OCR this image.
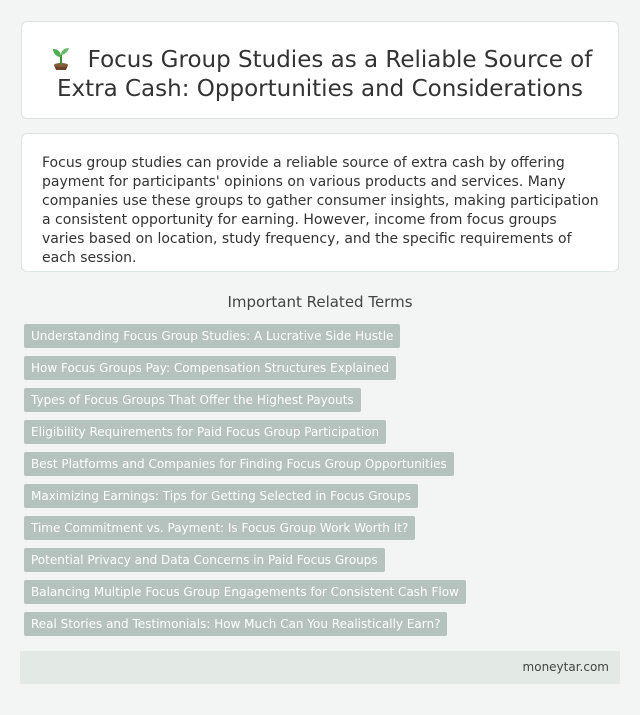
Focus Group Studies as a Reliable Source of Extra Cash: Opportunities and Considerations

Focus group studies can provide a reliable source of extra cash by offering payment for participants' opinions on various products and services. Many companies use these groups to gather consumer insights, making participation a consistent opportunity for earning. However, income from focus groups varies based on location, study frequency, and the specific requirements of each session.

Important Related Terms
Understanding Focus Group Studies: A Lucrative Side Hustle
How Focus Groups Pay: Compensation Structures Explained
Types of Focus Groups That Offer the Highest Payouts
Eligibility Requirements for Paid Focus Group Participation
Best Platforms and Companies for Finding Focus Group Opportunities
Maximizing Earnings: Tips for Getting Selected in Focus Groups
Time Commitment vs. Payment: Is Focus Group Work Worth It?
Potential Privacy and Data Concerns in Paid Focus Groups
Balancing Multiple Focus Group Engagements for Consistent Cash Flow
Real Stories and Testimonials: How Much Can You Realistically Earn?
moneytar.com
